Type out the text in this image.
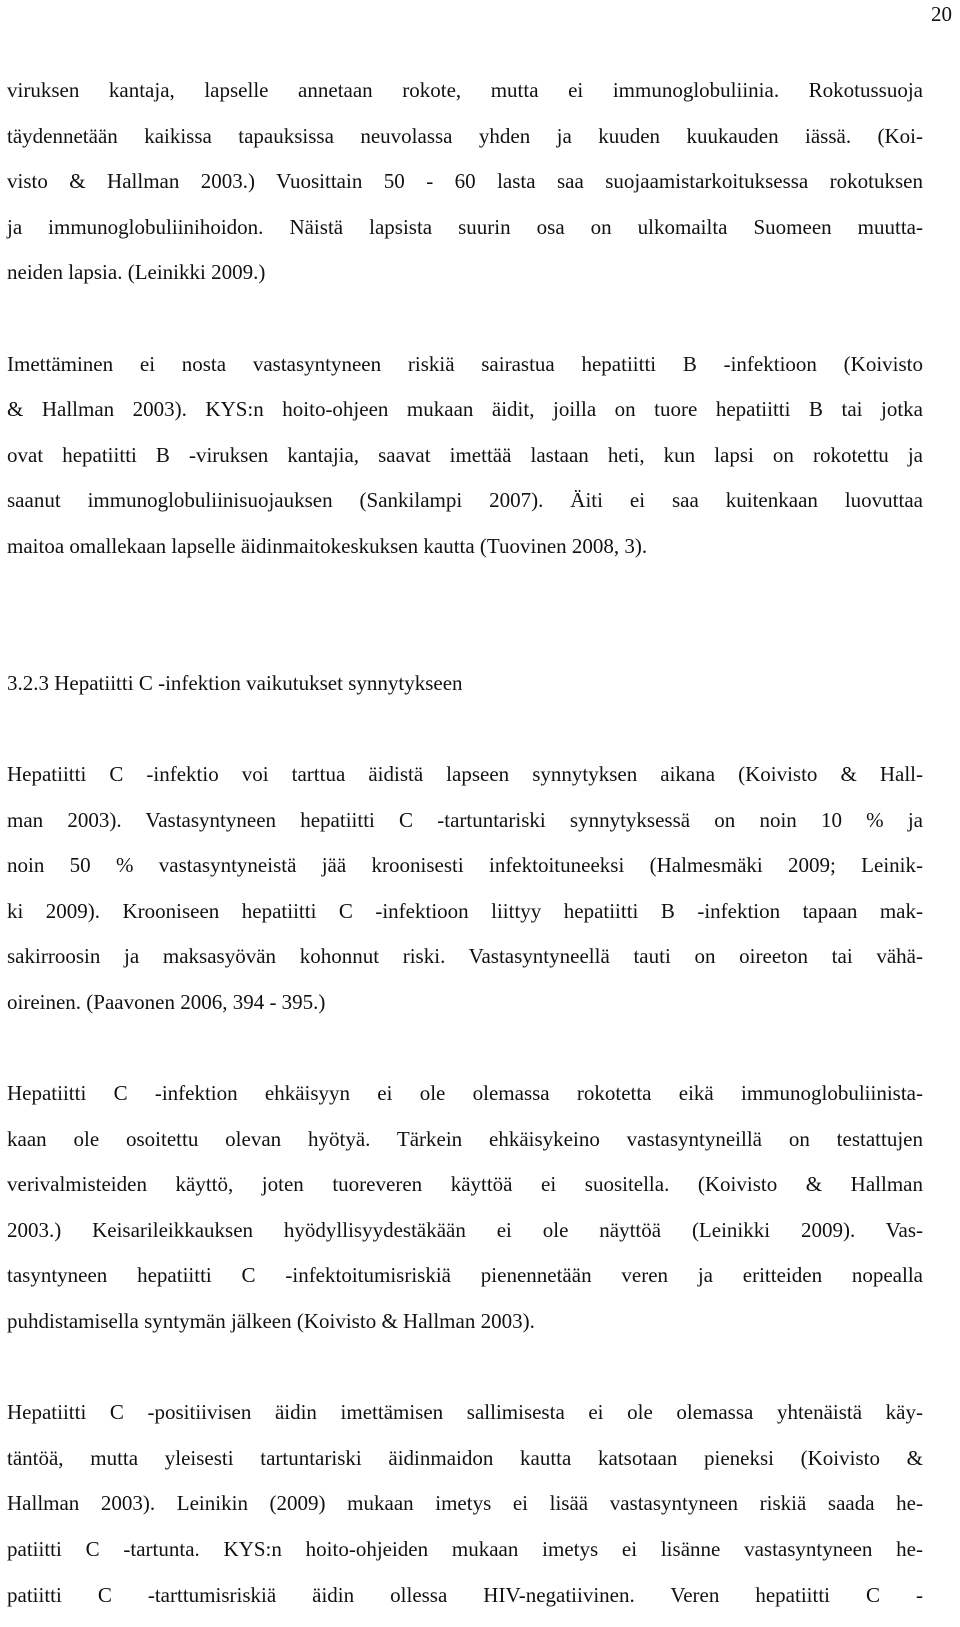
20
viruksen kantaja, lapselle annetaan rokote, mutta ei immunoglobuliinia. Rokotussuoja
täydennetään kaikissa tapauksissa neuvolassa yhden ja kuuden kuukauden iässä. (Koi-
visto & Hallman 2003.) Vuosittain 50 - 60 lasta saa suojaamistarkoituksessa rokotuksen
ja immunoglobuliinihoidon. Näistä lapsista suurin osa on ulkomailta Suomeen muutta-
neiden lapsia. (Leinikki 2009.)
Imettäminen ei nosta vastasyntyneen riskiä sairastua hepatiitti B -infektioon (Koivisto
& Hallman 2003). KYS:n hoito-ohjeen mukaan äidit, joilla on tuore hepatiitti B tai jotka
ovat hepatiitti B -viruksen kantajia, saavat imettää lastaan heti, kun lapsi on rokotettu ja
saanut immunoglobuliinisuojauksen (Sankilampi 2007). Äiti ei saa kuitenkaan luovuttaa
maitoa omallekaan lapselle äidinmaitokeskuksen kautta (Tuovinen 2008, 3).
3.2.3 Hepatiitti C -infektion vaikutukset synnytykseen
Hepatiitti C -infektio voi tarttua äidistä lapseen synnytyksen aikana (Koivisto & Hall-
man 2003). Vastasyntyneen hepatiitti C -tartuntariski synnytyksessä on noin 10 % ja
noin 50 % vastasyntyneistä jää kroonisesti infektoituneeksi (Halmesmäki 2009; Leinik-
ki 2009). Krooniseen hepatiitti C -infektioon liittyy hepatiitti B -infektion tapaan mak-
sakirroosin ja maksasyövän kohonnut riski. Vastasyntyneellä tauti on oireeton tai vähä-
oireinen. (Paavonen 2006, 394 - 395.)
Hepatiitti C -infektion ehkäisyyn ei ole olemassa rokotetta eikä immunoglobuliinista-
kaan ole osoitettu olevan hyötyä. Tärkein ehkäisykeino vastasyntyneillä on testattujen
verivalmisteiden käyttö, joten tuoreveren käyttöä ei suositella. (Koivisto & Hallman
2003.) Keisarileikkauksen hyödyllisyydestäkään ei ole näyttöä (Leinikki 2009). Vas-
tasyntyneen hepatiitti C -infektoitumisriskiä pienennetään veren ja eritteiden nopealla
puhdistamisella syntymän jälkeen (Koivisto & Hallman 2003).
Hepatiitti C -positiivisen äidin imettämisen sallimisesta ei ole olemassa yhtenäistä käy-
täntöä, mutta yleisesti tartuntariski äidinmaidon kautta katsotaan pieneksi (Koivisto &
Hallman 2003). Leinikin (2009) mukaan imetys ei lisää vastasyntyneen riskiä saada he-
patiitti C -tartunta. KYS:n hoito-ohjeiden mukaan imetys ei lisänne vastasyntyneen he-
patiitti C -tarttumisriskiä äidin ollessa HIV-negatiivinen. Veren hepatiitti C -
